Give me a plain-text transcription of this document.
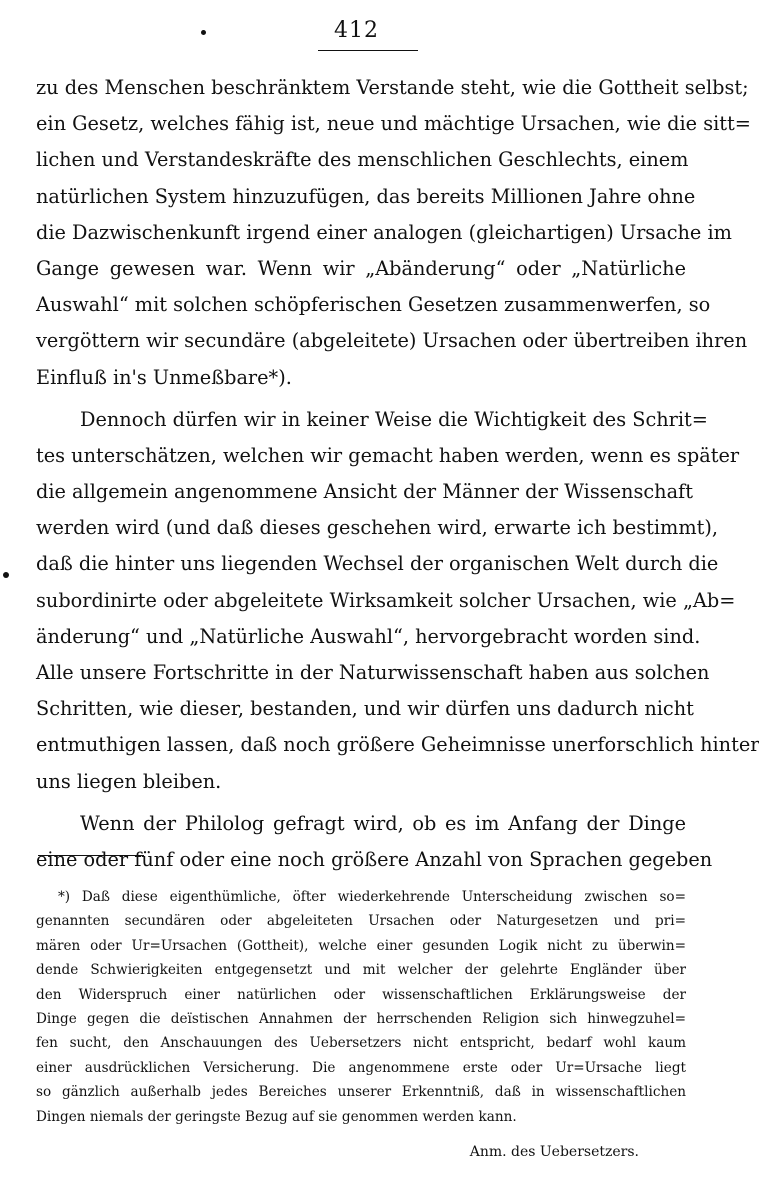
412
zu des Menschen beschränktem Verstande steht, wie die Gottheit selbst;
ein Gesetz, welches fähig ist, neue und mächtige Ursachen, wie die sitt=
lichen und Verstandeskräfte des menschlichen Geschlechts, einem
natürlichen System hinzuzufügen, das bereits Millionen Jahre ohne
die Dazwischenkunft irgend einer analogen (gleichartigen) Ursache im
Gange gewesen war. Wenn wir „Abänderung“ oder „Natürliche
Auswahl“ mit solchen schöpferischen Gesetzen zusammenwerfen, so
vergöttern wir secundäre (abgeleitete) Ursachen oder übertreiben ihren
Einfluß in's Unmeßbare*).
Dennoch dürfen wir in keiner Weise die Wichtigkeit des Schrit=
tes unterschätzen, welchen wir gemacht haben werden, wenn es später
die allgemein angenommene Ansicht der Männer der Wissenschaft
werden wird (und daß dieses geschehen wird, erwarte ich bestimmt),
daß die hinter uns liegenden Wechsel der organischen Welt durch die
subordinirte oder abgeleitete Wirksamkeit solcher Ursachen, wie „Ab=
änderung“ und „Natürliche Auswahl“, hervorgebracht worden sind.
Alle unsere Fortschritte in der Naturwissenschaft haben aus solchen
Schritten, wie dieser, bestanden, und wir dürfen uns dadurch nicht
entmuthigen lassen, daß noch größere Geheimnisse unerforschlich hinter
uns liegen bleiben.
Wenn der Philolog gefragt wird, ob es im Anfang der Dinge
eine oder fünf oder eine noch größere Anzahl von Sprachen gegeben
*) Daß diese eigenthümliche, öfter wiederkehrende Unterscheidung zwischen so=
genannten secundären oder abgeleiteten Ursachen oder Naturgesetzen und pri=
mären oder Ur=Ursachen (Gottheit), welche einer gesunden Logik nicht zu überwin=
dende Schwierigkeiten entgegensetzt und mit welcher der gelehrte Engländer über
den Widerspruch einer natürlichen oder wissenschaftlichen Erklärungsweise der
Dinge gegen die deïstischen Annahmen der herrschenden Religion sich hinwegzuhel=
fen sucht, den Anschauungen des Uebersetzers nicht entspricht, bedarf wohl kaum
einer ausdrücklichen Versicherung. Die angenommene erste oder Ur=Ursache liegt
so gänzlich außerhalb jedes Bereiches unserer Erkenntniß, daß in wissenschaftlichen
Dingen niemals der geringste Bezug auf sie genommen werden kann.
Anm. des Uebersetzers.
